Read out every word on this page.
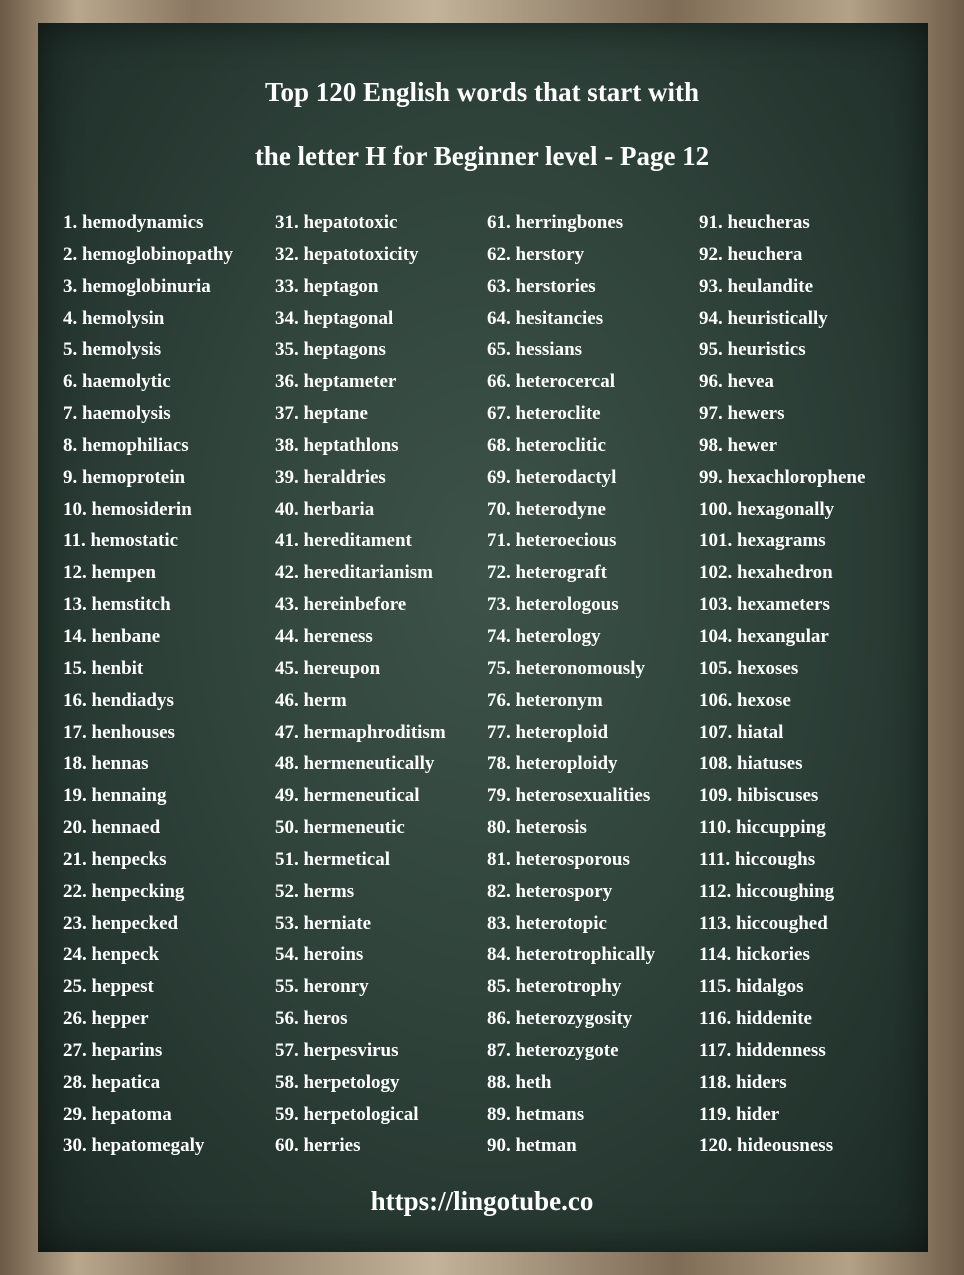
Top 120 English words that start with
the letter H for Beginner level - Page 12
1. hemodynamics
2. hemoglobinopathy
3. hemoglobinuria
4. hemolysin
5. hemolysis
6. haemolytic
7. haemolysis
8. hemophiliacs
9. hemoprotein
10. hemosiderin
11. hemostatic
12. hempen
13. hemstitch
14. henbane
15. henbit
16. hendiadys
17. henhouses
18. hennas
19. hennaing
20. hennaed
21. henpecks
22. henpecking
23. henpecked
24. henpeck
25. heppest
26. hepper
27. heparins
28. hepatica
29. hepatoma
30. hepatomegaly
31. hepatotoxic
32. hepatotoxicity
33. heptagon
34. heptagonal
35. heptagons
36. heptameter
37. heptane
38. heptathlons
39. heraldries
40. herbaria
41. hereditament
42. hereditarianism
43. hereinbefore
44. hereness
45. hereupon
46. herm
47. hermaphroditism
48. hermeneutically
49. hermeneutical
50. hermeneutic
51. hermetical
52. herms
53. herniate
54. heroins
55. heronry
56. heros
57. herpesvirus
58. herpetology
59. herpetological
60. herries
61. herringbones
62. herstory
63. herstories
64. hesitancies
65. hessians
66. heterocercal
67. heteroclite
68. heteroclitic
69. heterodactyl
70. heterodyne
71. heteroecious
72. heterograft
73. heterologous
74. heterology
75. heteronomously
76. heteronym
77. heteroploid
78. heteroploidy
79. heterosexualities
80. heterosis
81. heterosporous
82. heterospory
83. heterotopic
84. heterotrophically
85. heterotrophy
86. heterozygosity
87. heterozygote
88. heth
89. hetmans
90. hetman
91. heucheras
92. heuchera
93. heulandite
94. heuristically
95. heuristics
96. hevea
97. hewers
98. hewer
99. hexachlorophene
100. hexagonally
101. hexagrams
102. hexahedron
103. hexameters
104. hexangular
105. hexoses
106. hexose
107. hiatal
108. hiatuses
109. hibiscuses
110. hiccupping
111. hiccoughs
112. hiccoughing
113. hiccoughed
114. hickories
115. hidalgos
116. hiddenite
117. hiddenness
118. hiders
119. hider
120. hideousness
https://lingotube.co
